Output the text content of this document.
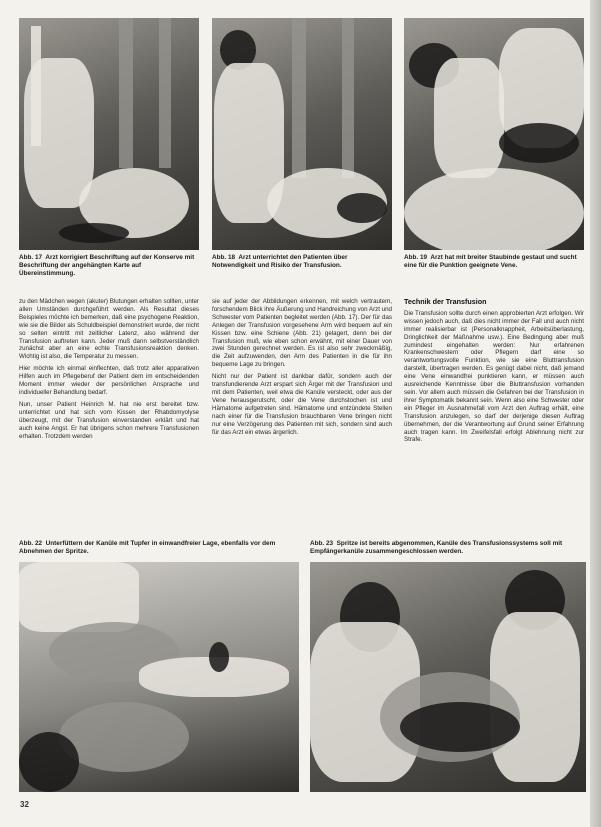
Abb. 17 Arzt korrigiert Beschriftung auf der Konserve mit Beschriftung der angehängten Karte auf Übereinstimmung.

Abb. 18 Arzt unterrichtet den Patienten über Notwendigkeit und Risiko der Transfusion.

Abb. 19 Arzt hat mit breiter Staubinde gestaut und sucht eine für die Punktion geeignete Vene.

zu den Mädchen wegen (akuter) Blutungen erhalten sollten, unter allen Umständen durchgeführt werden. Als Resultat dieses Beispieles möchte ich bemerken, daß eine psychogene Reaktion, wie sie die Bilder als Schuldbeispiel demonstriert wurde, der nicht so selten eintritt mit zeitlicher Latenz, also während der Transfusion auftreten kann. Jeder muß dann selbstverständlich zunächst aber an eine echte Transfusionsreaktion denken. Wichtig ist also, die Temperatur zu messen.

Hier möchte ich einmal einflechten, daß trotz aller apparativen Hilfen auch im Pflegeberuf der Patient dem im entscheidenden Moment immer wieder der persönlichen Ansprache und individueller Behandlung bedarf.

Nun, unser Patient Heinrich M. hat nie erst bereitet bzw. unterrichtet und hat sich vom Kissen der Rhabdomyolyse überzeugt, mit der Transfusion einverstanden erklärt und hat auch keine Angst. Er hat übrigens schon mehrere Transfusionen erhalten. Trotzdem werden

sie auf jeder der Abbildungen erkennen, mit welch vertrautem, forschendem Blick ihre Äußerung und Handreichung von Arzt und Schwester vom Patienten begleitet werden (Abb. 17). Der für das Anlegen der Transfusion vorgesehene Arm wird bequem auf ein Kissen bzw. eine Schiene (Abb. 21) gelagert, denn bei der Transfusion muß, wie eben schon erwähnt, mit einer Dauer von zwei Stunden gerechnet werden. Es ist also sehr zweckmäßig, die Zeit aufzuwenden, den Arm des Patienten in die für ihn bequeme Lage zu bringen.

Nicht nur der Patient ist dankbar dafür, sondern auch der transfundierende Arzt erspart sich Ärger mit der Transfusion und mit dem Patienten, weil etwa die Kanüle versteckt, oder aus der Vene herausgerutscht, oder die Vene durchstochen ist und Hämatome aufgetreten sind. Hämatome und entzündete Stellen nach einer für die Transfusion brauchbaren Vene bringen nicht nur eine Verzögerung des Patienten mit sich, sondern sind auch für das Arzt ein etwas ärgerlich.

Technik der Transfusion

Die Transfusion sollte durch einen approbierten Arzt erfolgen. Wir wissen jedoch auch, daß dies nicht immer der Fall und auch nicht immer realisierbar ist (Personalknappheit, Arbeitsüberlastung, Dringlichkeit der Maßnahme usw.). Eine Bedingung aber muß zumindest eingehalten werden: Nur erfahrenen Krankenschwestern oder Pflegern darf eine so verantwortungsvolle Funktion, wie sie eine Bluttransfusion darstellt, übertragen werden. Es genügt dabei nicht, daß jemand eine Vene einwandfrei punktieren kann, er müssen auch ausreichende Kenntnisse über die Bluttransfusion vorhanden sein. Vor allem auch müssen die Gefahren bei der Transfusion in ihrer Symptomatik bekannt sein. Wenn also eine Schwester oder ein Pfleger im Ausnahmefall vom Arzt den Auftrag erhält, eine Transfusion anzulegen, so darf der derjenige diesen Auftrag übernehmen, der die Verantwortung auf Grund seiner Erfahrung auch tragen kann. Im Zweifelsfall erfolgt Ablehnung nicht zur Strafe.

Abb. 22 Unterfüttern der Kanüle mit Tupfer in einwandfreier Lage, ebenfalls vor dem Abnehmen der Spritze.

Abb. 23 Spritze ist bereits abgenommen, Kanüle des Transfusionssystems soll mit Empfängerkanüle zusammengeschlossen werden.

32
